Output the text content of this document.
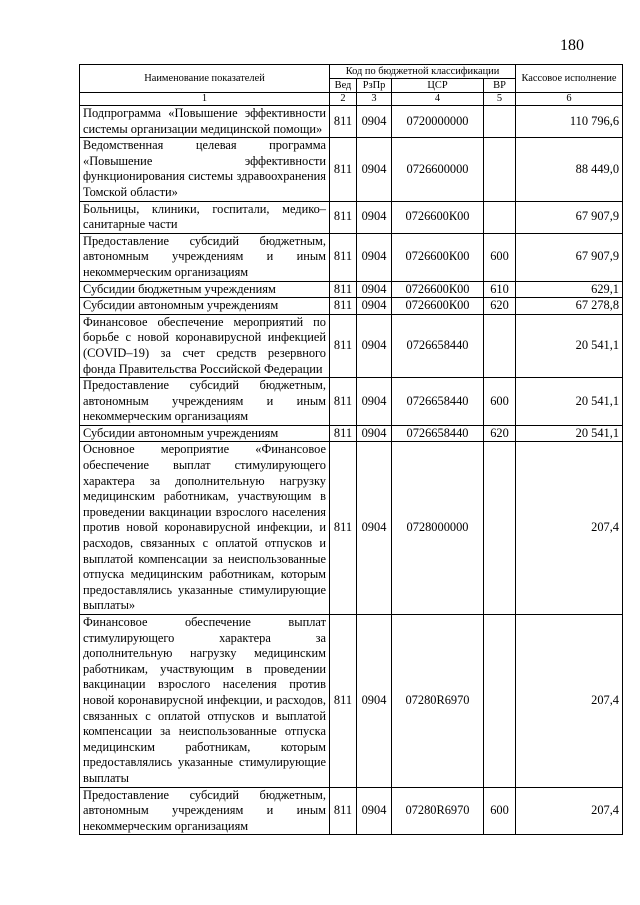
180
Наименование показателей	Код по бюджетной классификации				Кассовое исполнение
	Вед	РзПр	ЦСР	ВР	
1	2	3	4	5	6
Подпрограмма «Повышение эффективности системы организации медицинской помощи»	811	0904	0720000000		110 796,6
Ведомственная целевая программа «Повышение эффективности функционирования системы здравоохранения Томской области»	811	0904	0726600000		88 449,0
Больницы, клиники, госпитали, медико–санитарные части	811	0904	0726600К00		67 907,9
Предоставление субсидий бюджетным, автономным учреждениям и иным некоммерческим организациям	811	0904	0726600К00	600	67 907,9
Субсидии бюджетным учреждениям	811	0904	0726600К00	610	629,1
Субсидии автономным учреждениям	811	0904	0726600К00	620	67 278,8
Финансовое обеспечение мероприятий по борьбе с новой коронавирусной инфекцией (COVID–19) за счет средств резервного фонда Правительства Российской Федерации	811	0904	0726658440		20 541,1
Предоставление субсидий бюджетным, автономным учреждениям и иным некоммерческим организациям	811	0904	0726658440	600	20 541,1
Субсидии автономным учреждениям	811	0904	0726658440	620	20 541,1
Основное мероприятие «Финансовое обеспечение выплат стимулирующего характера за дополнительную нагрузку медицинским работникам, участвующим в проведении вакцинации взрослого населения против новой коронавирусной инфекции, и расходов, связанных с оплатой отпусков и выплатой компенсации за неиспользованные отпуска медицинским работникам, которым предоставлялись указанные стимулирующие выплаты»	811	0904	0728000000		207,4
Финансовое обеспечение выплат стимулирующего характера за дополнительную нагрузку медицинским работникам, участвующим в проведении вакцинации взрослого населения против новой коронавирусной инфекции, и расходов, связанных с оплатой отпусков и выплатой компенсации за неиспользованные отпуска медицинским работникам, которым предоставлялись указанные стимулирующие выплаты	811	0904	07280R6970		207,4
Предоставление субсидий бюджетным, автономным учреждениям и иным некоммерческим организациям	811	0904	07280R6970	600	207,4
